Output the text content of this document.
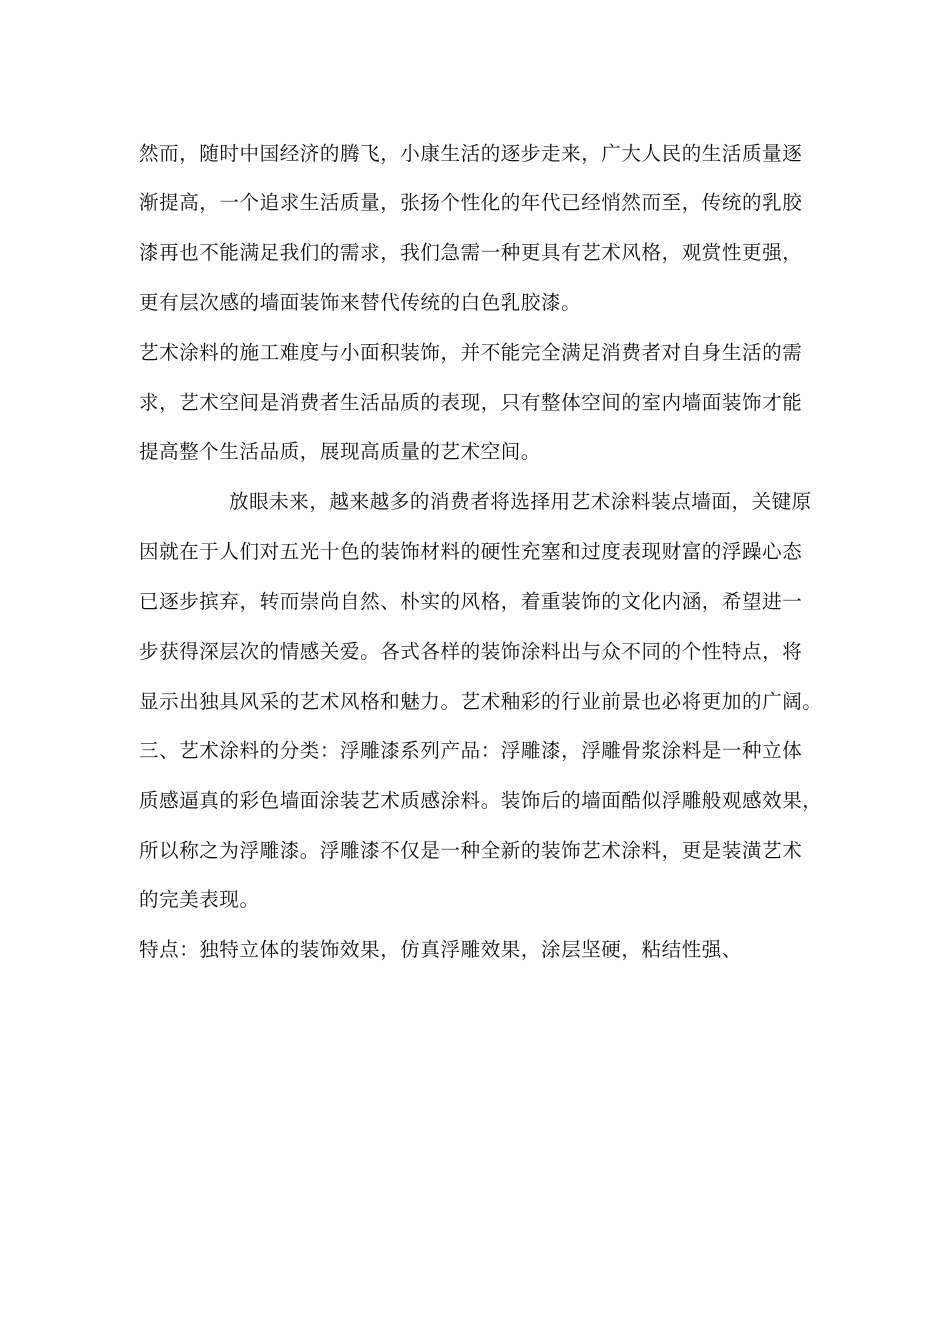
然而，随时中国经济的腾飞，小康生活的逐步走来，广大人民的生活质量逐
渐提高，一个追求生活质量，张扬个性化的年代已经悄然而至，传统的乳胶
漆再也不能满足我们的需求，我们急需一种更具有艺术风格，观赏性更强，
更有层次感的墙面装饰来替代传统的白色乳胶漆。
艺术涂料的施工难度与小面积装饰，并不能完全满足消费者对自身生活的需
求，艺术空间是消费者生活品质的表现，只有整体空间的室内墙面装饰才能
提高整个生活品质，展现高质量的艺术空间。
放眼未来，越来越多的消费者将选择用艺术涂料装点墙面，关键原
因就在于人们对五光十色的装饰材料的硬性充塞和过度表现财富的浮躁心态
已逐步摈弃，转而崇尚自然、朴实的风格，着重装饰的文化内涵，希望进一
步获得深层次的情感关爱。各式各样的装饰涂料出与众不同的个性特点，将
显示出独具风采的艺术风格和魅力。艺术釉彩的行业前景也必将更加的广阔。
三、艺术涂料的分类：浮雕漆系列产品：浮雕漆，浮雕骨浆涂料是一种立体
质感逼真的彩色墙面涂装艺术质感涂料。装饰后的墙面酷似浮雕般观感效果，
所以称之为浮雕漆。浮雕漆不仅是一种全新的装饰艺术涂料，更是装潢艺术
的完美表现。
特点：独特立体的装饰效果，仿真浮雕效果，涂层坚硬，粘结性强、
